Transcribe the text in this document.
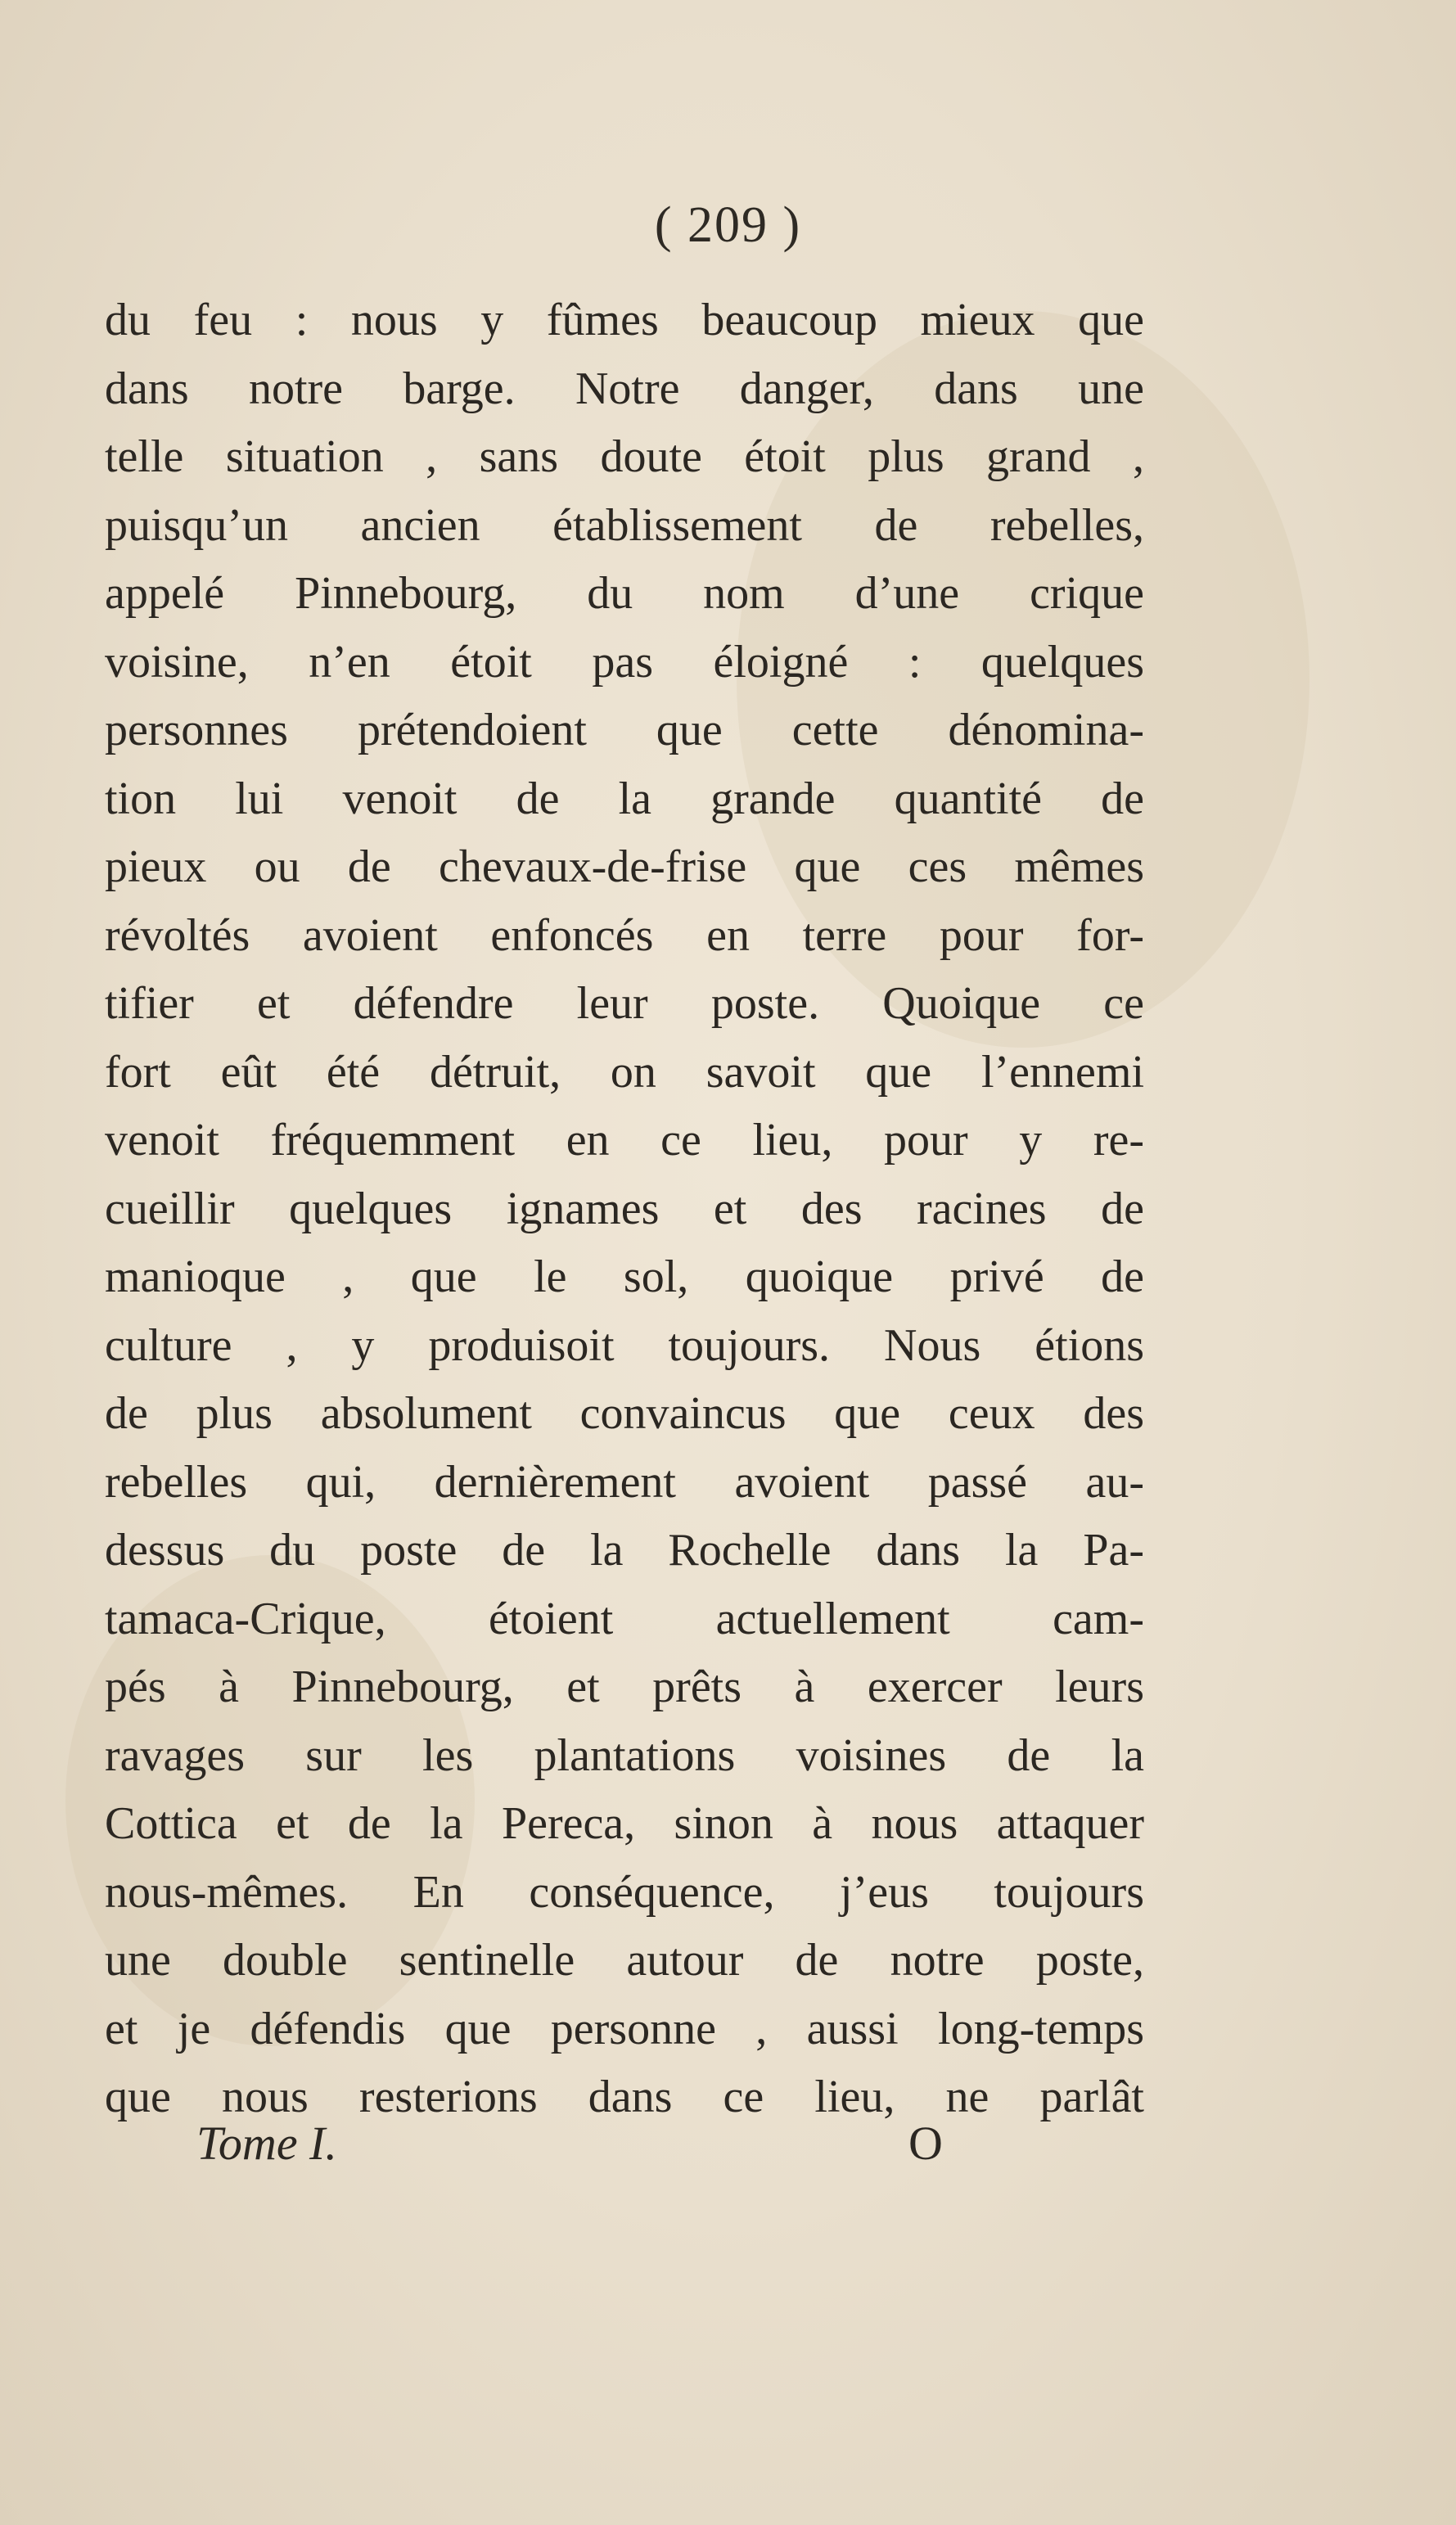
( 209 )
du feu : nous y fûmes beaucoup mieux que
dans notre barge. Notre danger, dans une
telle situation , sans doute étoit plus grand ,
puisqu’un ancien établissement de rebelles,
appelé Pinnebourg, du nom d’une crique
voisine, n’en étoit pas éloigné : quelques
personnes prétendoient que cette dénomina-
tion lui venoit de la grande quantité de
pieux ou de chevaux-de-frise que ces mêmes
révoltés avoient enfoncés en terre pour for-
tifier et défendre leur poste. Quoique ce
fort eût été détruit, on savoit que l’ennemi
venoit fréquemment en ce lieu, pour y re-
cueillir quelques ignames et des racines de
manioque , que le sol, quoique privé de
culture , y produisoit toujours. Nous étions
de plus absolument convaincus que ceux des
rebelles qui, dernièrement avoient passé au-
dessus du poste de la Rochelle dans la Pa-
tamaca-Crique, étoient actuellement cam-
pés à Pinnebourg, et prêts à exercer leurs
ravages sur les plantations voisines de la
Cottica et de la Pereca, sinon à nous attaquer
nous-mêmes. En conséquence, j’eus toujours
une double sentinelle autour de notre poste,
et je défendis que personne , aussi long-temps
que nous resterions dans ce lieu, ne parlât
Tome I.	O
